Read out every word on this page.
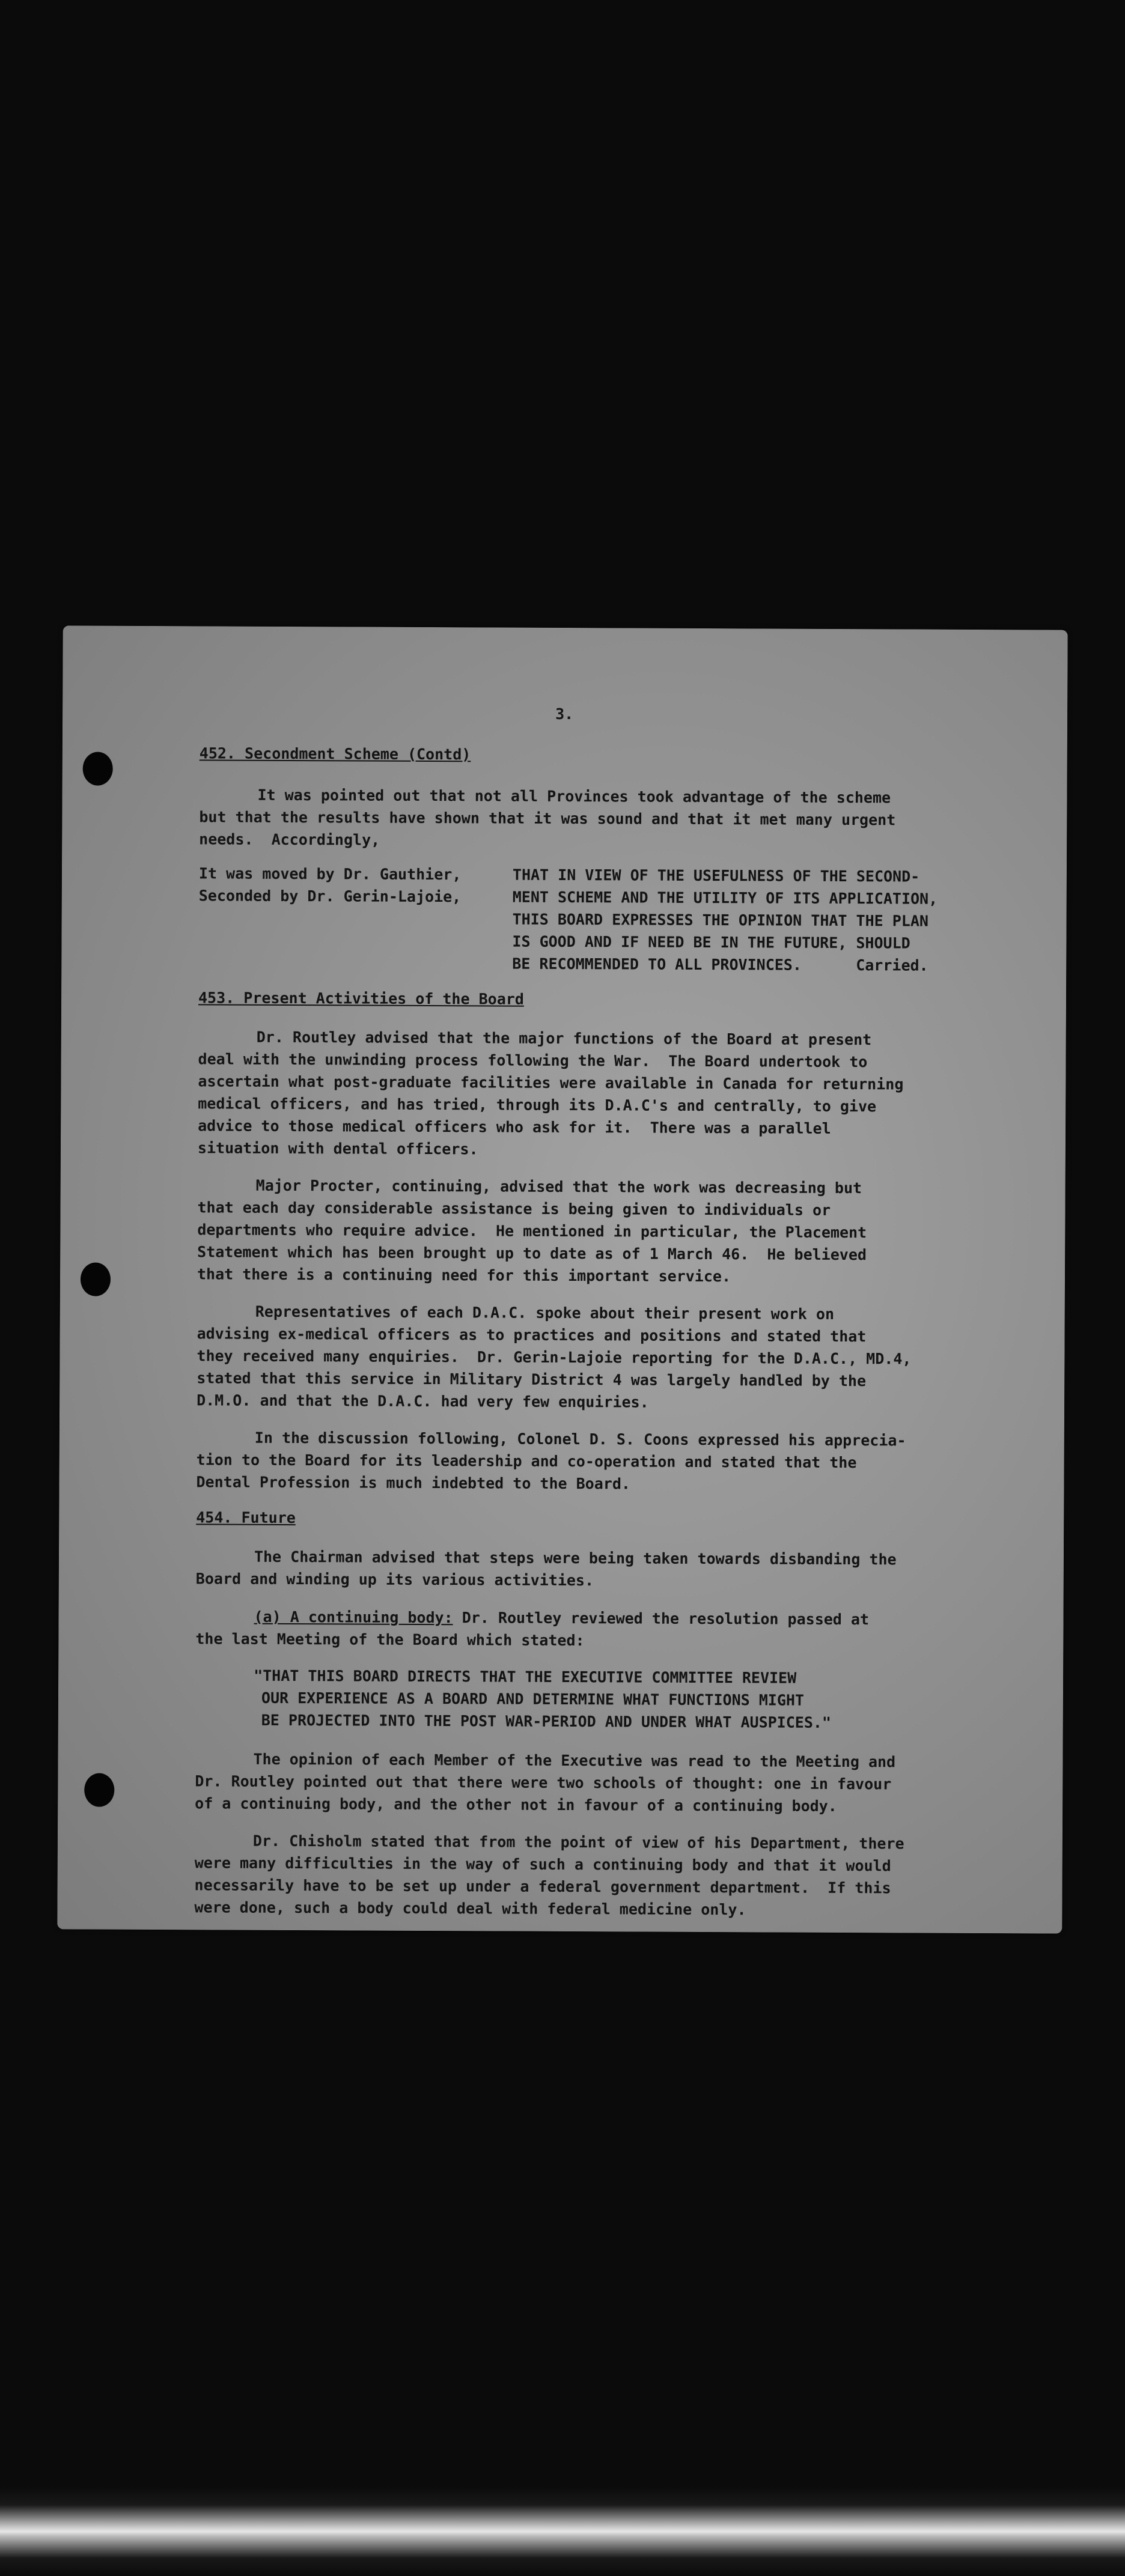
3.
452. Secondment Scheme (Contd)
It was pointed out that not all Provinces took advantage of the scheme
but that the results have shown that it was sound and that it met many urgent
needs.  Accordingly,
It was moved by Dr. Gauthier,
Seconded by Dr. Gerin-Lajoie,
THAT IN VIEW OF THE USEFULNESS OF THE SECOND-
MENT SCHEME AND THE UTILITY OF ITS APPLICATION,
THIS BOARD EXPRESSES THE OPINION THAT THE PLAN
IS GOOD AND IF NEED BE IN THE FUTURE, SHOULD
BE RECOMMENDED TO ALL PROVINCES.      Carried.
453. Present Activities of the Board
Dr. Routley advised that the major functions of the Board at present
deal with the unwinding process following the War.  The Board undertook to
ascertain what post-graduate facilities were available in Canada for returning
medical officers, and has tried, through its D.A.C's and centrally, to give
advice to those medical officers who ask for it.  There was a parallel
situation with dental officers.
Major Procter, continuing, advised that the work was decreasing but
that each day considerable assistance is being given to individuals or
departments who require advice.  He mentioned in particular, the Placement
Statement which has been brought up to date as of 1 March 46.  He believed
that there is a continuing need for this important service.
Representatives of each D.A.C. spoke about their present work on
advising ex-medical officers as to practices and positions and stated that
they received many enquiries.  Dr. Gerin-Lajoie reporting for the D.A.C., MD.4,
stated that this service in Military District 4 was largely handled by the
D.M.O. and that the D.A.C. had very few enquiries.
In the discussion following, Colonel D. S. Coons expressed his apprecia-
tion to the Board for its leadership and co-operation and stated that the
Dental Profession is much indebted to the Board.
454. Future
The Chairman advised that steps were being taken towards disbanding the
Board and winding up its various activities.
(a) A continuing body: Dr. Routley reviewed the resolution passed at
the last Meeting of the Board which stated:
"THAT THIS BOARD DIRECTS THAT THE EXECUTIVE COMMITTEE REVIEW
OUR EXPERIENCE AS A BOARD AND DETERMINE WHAT FUNCTIONS MIGHT
BE PROJECTED INTO THE POST WAR-PERIOD AND UNDER WHAT AUSPICES."
The opinion of each Member of the Executive was read to the Meeting and
Dr. Routley pointed out that there were two schools of thought: one in favour
of a continuing body, and the other not in favour of a continuing body.
Dr. Chisholm stated that from the point of view of his Department, there
were many difficulties in the way of such a continuing body and that it would
necessarily have to be set up under a federal government department.  If this
were done, such a body could deal with federal medicine only.
